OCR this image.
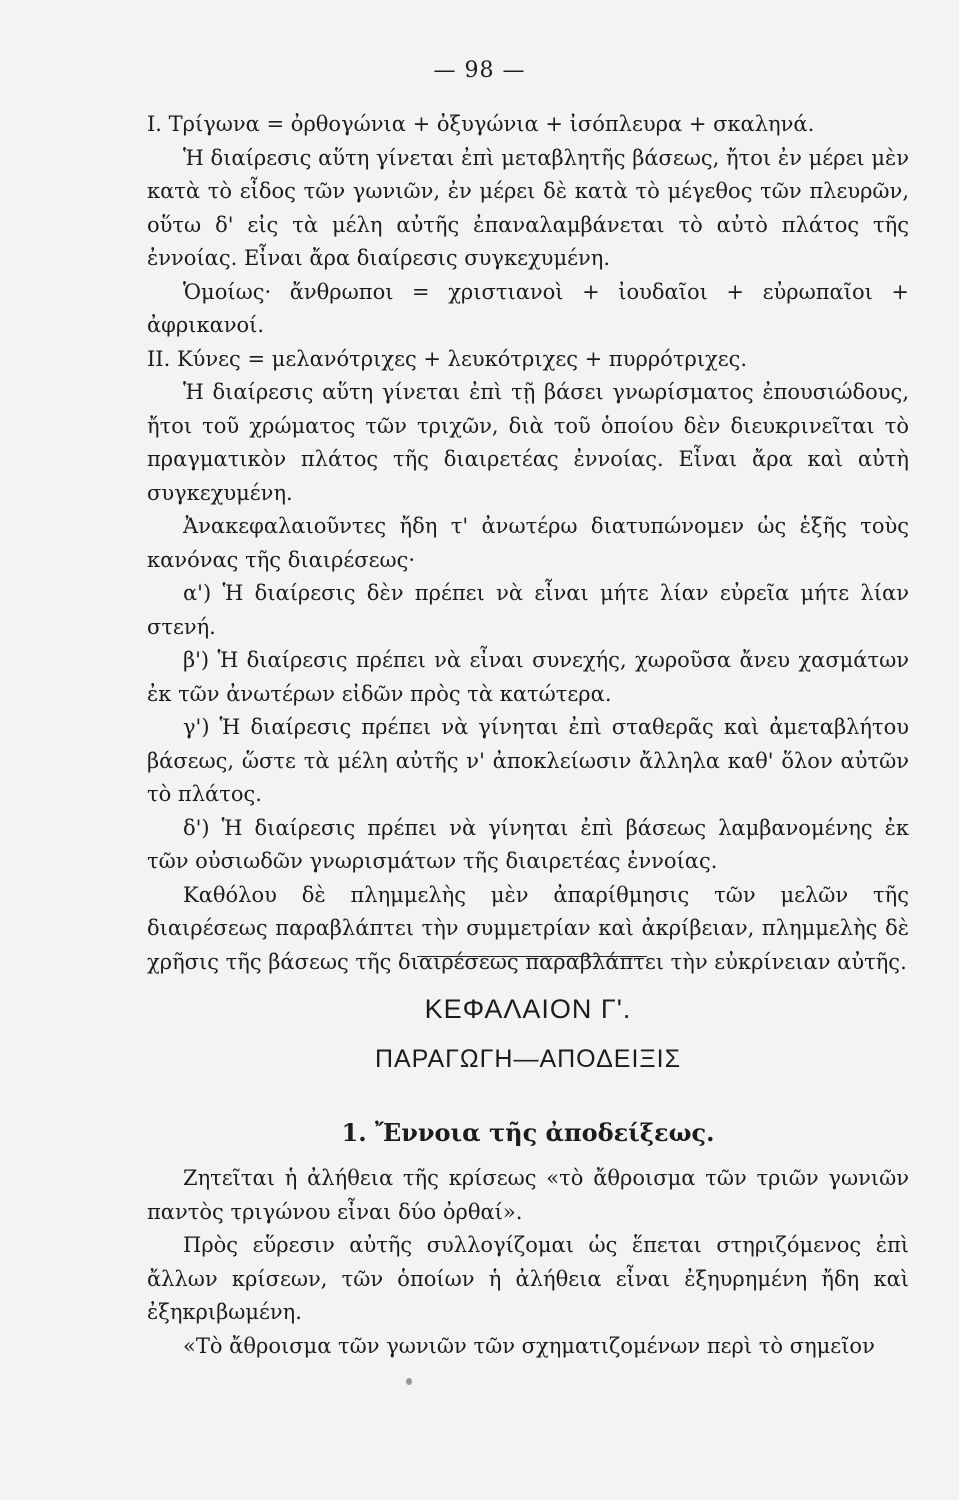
— 98 —

I. Τρίγωνα = ὀρθογώνια + ὀξυγώνια + ἰσόπλευρα + σκαληνά.

Ἡ διαίρεσις αὕτη γίνεται ἐπὶ μεταβλητῆς βάσεως, ἤτοι ἐν μέρει μὲν κατὰ τὸ εἶδος τῶν γωνιῶν, ἐν μέρει δὲ κατὰ τὸ μέγεθος τῶν πλευρῶν, οὕτω δ' εἰς τὰ μέλη αὐτῆς ἐπαναλαμβάνεται τὸ αὐτὸ πλάτος τῆς ἐννοίας. Εἶναι ἄρα διαίρεσις συγκεχυμένη.

Ὁμοίως· ἄνθρωποι = χριστιανοὶ + ἰουδαῖοι + εὐρωπαῖοι + ἀφρικανοί.

II. Κύνες = μελανότριχες + λευκότριχες + πυρρότριχες.

Ἡ διαίρεσις αὕτη γίνεται ἐπὶ τῇ βάσει γνωρίσματος ἐπουσιώδους, ἤτοι τοῦ χρώματος τῶν τριχῶν, διὰ τοῦ ὁποίου δὲν διευκρινεῖται τὸ πραγματικὸν πλάτος τῆς διαιρετέας ἐννοίας. Εἶναι ἄρα καὶ αὐτὴ συγκεχυμένη.

Ἀνακεφαλαιοῦντες ἤδη τ' ἀνωτέρω διατυπώνομεν ὡς ἑξῆς τοὺς κανόνας τῆς διαιρέσεως·

α') Ἡ διαίρεσις δὲν πρέπει νὰ εἶναι μήτε λίαν εὐρεῖα μήτε λίαν στενή.

β') Ἡ διαίρεσις πρέπει νὰ εἶναι συνεχής, χωροῦσα ἄνευ χασμάτων ἐκ τῶν ἀνωτέρων εἰδῶν πρὸς τὰ κατώτερα.

γ') Ἡ διαίρεσις πρέπει νὰ γίνηται ἐπὶ σταθερᾶς καὶ ἀμεταβλήτου βάσεως, ὥστε τὰ μέλη αὐτῆς ν' ἀποκλείωσιν ἄλληλα καθ' ὅλον αὐτῶν τὸ πλάτος.

δ') Ἡ διαίρεσις πρέπει νὰ γίνηται ἐπὶ βάσεως λαμβανομένης ἐκ τῶν οὐσιωδῶν γνωρισμάτων τῆς διαιρετέας ἐννοίας.

Καθόλου δὲ πλημμελὴς μὲν ἀπαρίθμησις τῶν μελῶν τῆς διαιρέσεως παραβλάπτει τὴν συμμετρίαν καὶ ἀκρίβειαν, πλημμελὴς δὲ χρῆσις τῆς βάσεως τῆς διαιρέσεως παραβλάπτει τὴν εὐκρίνειαν αὐτῆς.

ΚΕΦΑΛΑΙΟΝ Γ'.
ΠΑΡΑΓΩΓΗ—ΑΠΟΔΕΙΞΙΣ
1. Ἔννοια τῆς ἀποδείξεως.

Ζητεῖται ἡ ἀλήθεια τῆς κρίσεως «τὸ ἄθροισμα τῶν τριῶν γωνιῶν παντὸς τριγώνου εἶναι δύο ὀρθαί».

Πρὸς εὕρεσιν αὐτῆς συλλογίζομαι ὡς ἕπεται στηριζόμενος ἐπὶ ἄλλων κρίσεων, τῶν ὁποίων ἡ ἀλήθεια εἶναι ἐξηυρημένη ἤδη καὶ ἐξηκριβωμένη.

«Τὸ ἄθροισμα τῶν γωνιῶν τῶν σχηματιζομένων περὶ τὸ σημεῖον
